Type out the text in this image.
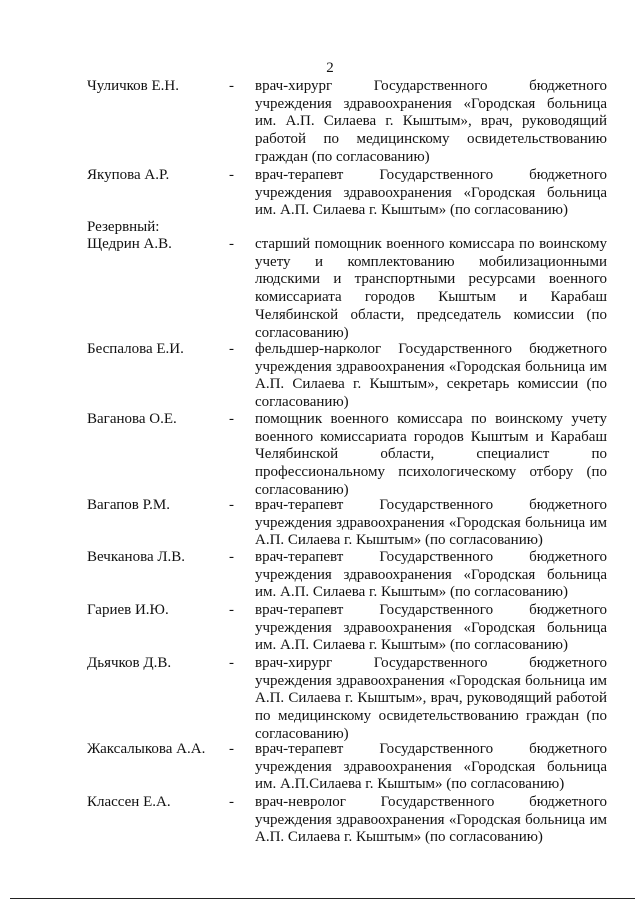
2
Чуличков Е.Н.	- врач-хирург Государственного бюджетного учреждения здравоохранения «Городская больница им. А.П. Силаева г. Кыштым», врач, руководящий работой по медицинскому освидетельствованию граждан (по согласованию)
Якупова А.Р.	- врач-терапевт Государственного бюджетного учреждения здравоохранения «Городская больница им. А.П. Силаева г. Кыштым» (по согласованию)
Резервный:
Щедрин А.В.	- старший помощник военного комиссара по воинскому учету и комплектованию мобилизационными людскими и транспортными ресурсами военного комиссариата городов Кыштым и Карабаш Челябинской области, председатель комиссии (по согласованию)
Беспалова Е.И.	- фельдшер-нарколог Государственного бюджетного учреждения здравоохранения «Городская больница им А.П. Силаева г. Кыштым», секретарь комиссии (по согласованию)
Ваганова О.Е.	- помощник военного комиссара по воинскому учету военного комиссариата городов Кыштым и Карабаш Челябинской области, специалист по профессиональному психологическому отбору (по согласованию)
Вагапов Р.М.	- врач-терапевт Государственного бюджетного учреждения здравоохранения «Городская больница им А.П. Силаева г. Кыштым» (по согласованию)
Вечканова Л.В.	- врач-терапевт Государственного бюджетного учреждения здравоохранения «Городская больница им. А.П. Силаева г. Кыштым» (по согласованию)
Гариев И.Ю.	- врач-терапевт Государственного бюджетного учреждения здравоохранения «Городская больница им. А.П. Силаева г. Кыштым» (по согласованию)
Дьячков Д.В.	- врач-хирург Государственного бюджетного учреждения здравоохранения «Городская больница им А.П. Силаева г. Кыштым», врач, руководящий работой по медицинскому освидетельствованию граждан (по согласованию)
Жаксалыкова А.А. - врач-терапевт Государственного бюджетного учреждения здравоохранения «Городская больница им. А.П.Силаева г. Кыштым» (по согласованию)
Классен Е.А.	- врач-невролог Государственного бюджетного учреждения здравоохранения «Городская больница им А.П. Силаева г. Кыштым» (по согласованию)
